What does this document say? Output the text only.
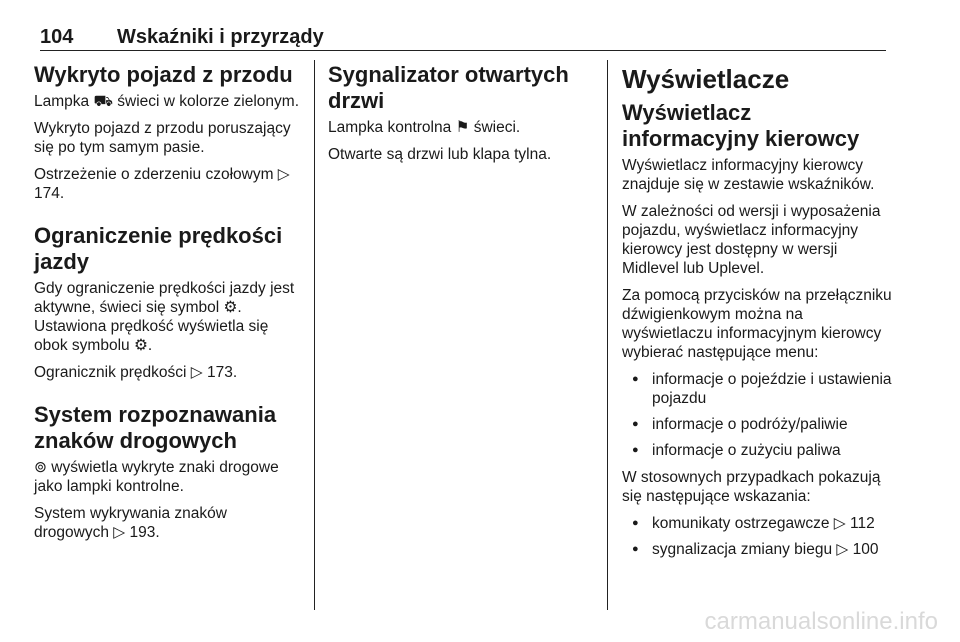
104 Wskaźniki i przyrządy
Wykryto pojazd z przodu

Lampka ⛟ świeci w kolorze zielonym.

Wykryto pojazd z przodu poruszający się po tym samym pasie.

Ostrzeżenie o zderzeniu czołowym ▷ 174.

Ograniczenie prędkości jazdy

Gdy ograniczenie prędkości jazdy jest aktywne, świeci się symbol ⚙. Ustawiona prędkość wyświetla się obok symbolu ⚙.

Ogranicznik prędkości ▷ 173.

System rozpoznawania znaków drogowych

⊚ wyświetla wykryte znaki drogowe jako lampki kontrolne.

System wykrywania znaków drogowych ▷ 193.

Sygnalizator otwartych drzwi

Lampka kontrolna ⚑ świeci.

Otwarte są drzwi lub klapa tylna.

Wyświetlacze
Wyświetlacz informacyjny kierowcy

Wyświetlacz informacyjny kierowcy znajduje się w zestawie wskaźników.

W zależności od wersji i wyposażenia pojazdu, wyświetlacz informacyjny kierowcy jest dostępny w wersji Midlevel lub Uplevel.

Za pomocą przycisków na przełączniku dźwigienkowym można na wyświetlaczu informacyjnym kierowcy wybierać następujące menu:

● informacje o pojeździe i ustawienia pojazdu
● informacje o podróży/paliwie
● informacje o zużyciu paliwa

W stosownych przypadkach pokazują się następujące wskazania:

● komunikaty ostrzegawcze ▷ 112
● sygnalizacja zmiany biegu ▷ 100
carmanualsonline.info
